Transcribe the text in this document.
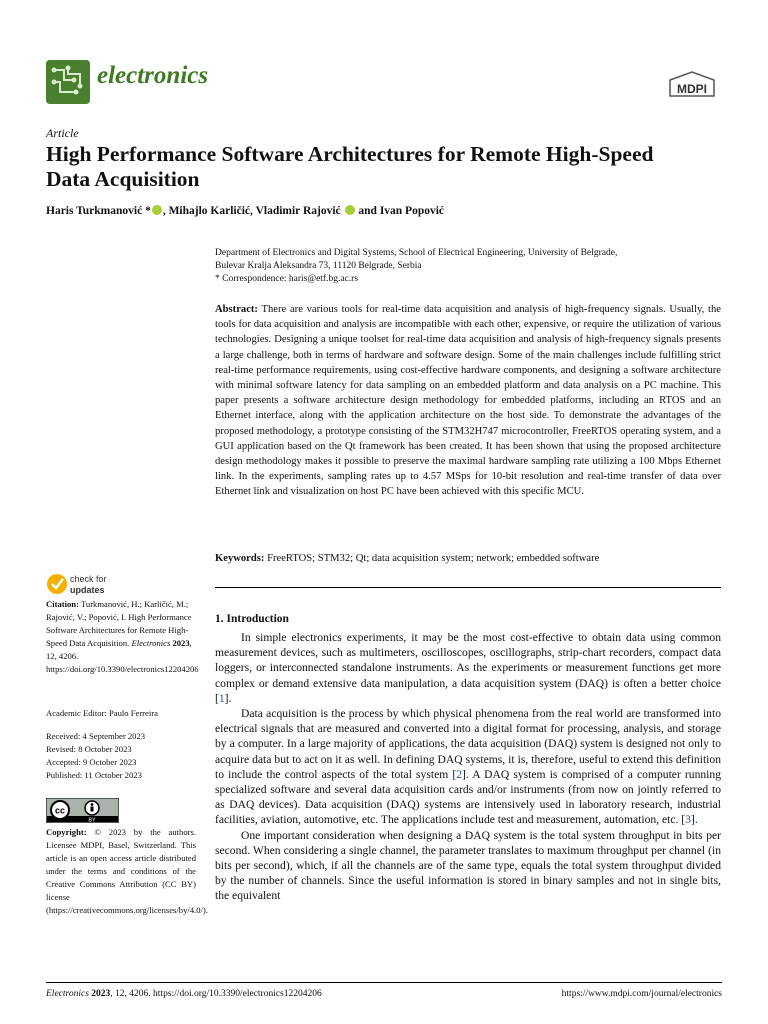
electronics	MDPI
Article
High Performance Software Architectures for Remote High-Speed Data Acquisition
Haris Turkmanović * , Mihajlo Karličić, Vladimir Rajović  and Ivan Popović
Department of Electronics and Digital Systems, School of Electrical Engineering, University of Belgrade,
Bulevar Kralja Aleksandra 73, 11120 Belgrade, Serbia
* Correspondence: haris@etf.bg.ac.rs
Abstract: There are various tools for real-time data acquisition and analysis of high-frequency signals. Usually, the tools for data acquisition and analysis are incompatible with each other, expensive, or require the utilization of various technologies. Designing a unique toolset for real-time data acquisition and analysis of high-frequency signals presents a large challenge, both in terms of hardware and software design. Some of the main challenges include fulfilling strict real-time performance requirements, using cost-effective hardware components, and designing a software architecture with minimal software latency for data sampling on an embedded platform and data analysis on a PC machine. This paper presents a software architecture design methodology for embedded platforms, including an RTOS and an Ethernet interface, along with the application architecture on the host side. To demonstrate the advantages of the proposed methodology, a prototype consisting of the STM32H747 microcontroller, FreeRTOS operating system, and a GUI application based on the Qt framework has been created. It has been shown that using the proposed architecture design methodology makes it possible to preserve the maximal hardware sampling rate utilizing a 100 Mbps Ethernet link. In the experiments, sampling rates up to 4.57 MSps for 10-bit resolution and real-time transfer of data over Ethernet link and visualization on host PC have been achieved with this specific MCU.
Keywords: FreeRTOS; STM32; Qt; data acquisition system; network; embedded software
check for
updates
Citation: Turkmanović, H.; Karličić, M.; Rajović, V.; Popović, I. High Performance Software Architectures for Remote High-Speed Data Acquisition. Electronics 2023, 12, 4206. https://doi.org/10.3390/electronics12204206
Academic Editor: Paulo Ferreira
Received: 4 September 2023
Revised: 8 October 2023
Accepted: 9 October 2023
Published: 11 October 2023
cc
BY
Copyright: © 2023 by the authors. Licensee MDPI, Basel, Switzerland. This article is an open access article distributed under the terms and conditions of the Creative Commons Attribution (CC BY) license (https://creativecommons.org/licenses/by/4.0/).
1. Introduction

In simple electronics experiments, it may be the most cost-effective to obtain data using common measurement devices, such as multimeters, oscilloscopes, oscillographs, strip-chart recorders, compact data loggers, or interconnected standalone instruments. As the experiments or measurement functions get more complex or demand extensive data manipulation, a data acquisition system (DAQ) is often a better choice [1].

Data acquisition is the process by which physical phenomena from the real world are transformed into electrical signals that are measured and converted into a digital format for processing, analysis, and storage by a computer. In a large majority of applications, the data acquisition (DAQ) system is designed not only to acquire data but to act on it as well. In defining DAQ systems, it is, therefore, useful to extend this definition to include the control aspects of the total system [2]. A DAQ system is comprised of a computer running specialized software and several data acquisition cards and/or instruments (from now on jointly referred to as DAQ devices). Data acquisition (DAQ) systems are intensively used in laboratory research, industrial facilities, aviation, automotive, etc. The applications include test and measurement, automation, etc. [3].

One important consideration when designing a DAQ system is the total system throughput in bits per second. When considering a single channel, the parameter translates to maximum throughput per channel (in bits per second), which, if all the channels are of the same type, equals the total system throughput divided by the number of channels. Since the useful information is stored in binary samples and not in single bits, the equivalent

Electronics 2023, 12, 4206. https://doi.org/10.3390/electronics12204206	https://www.mdpi.com/journal/electronics
